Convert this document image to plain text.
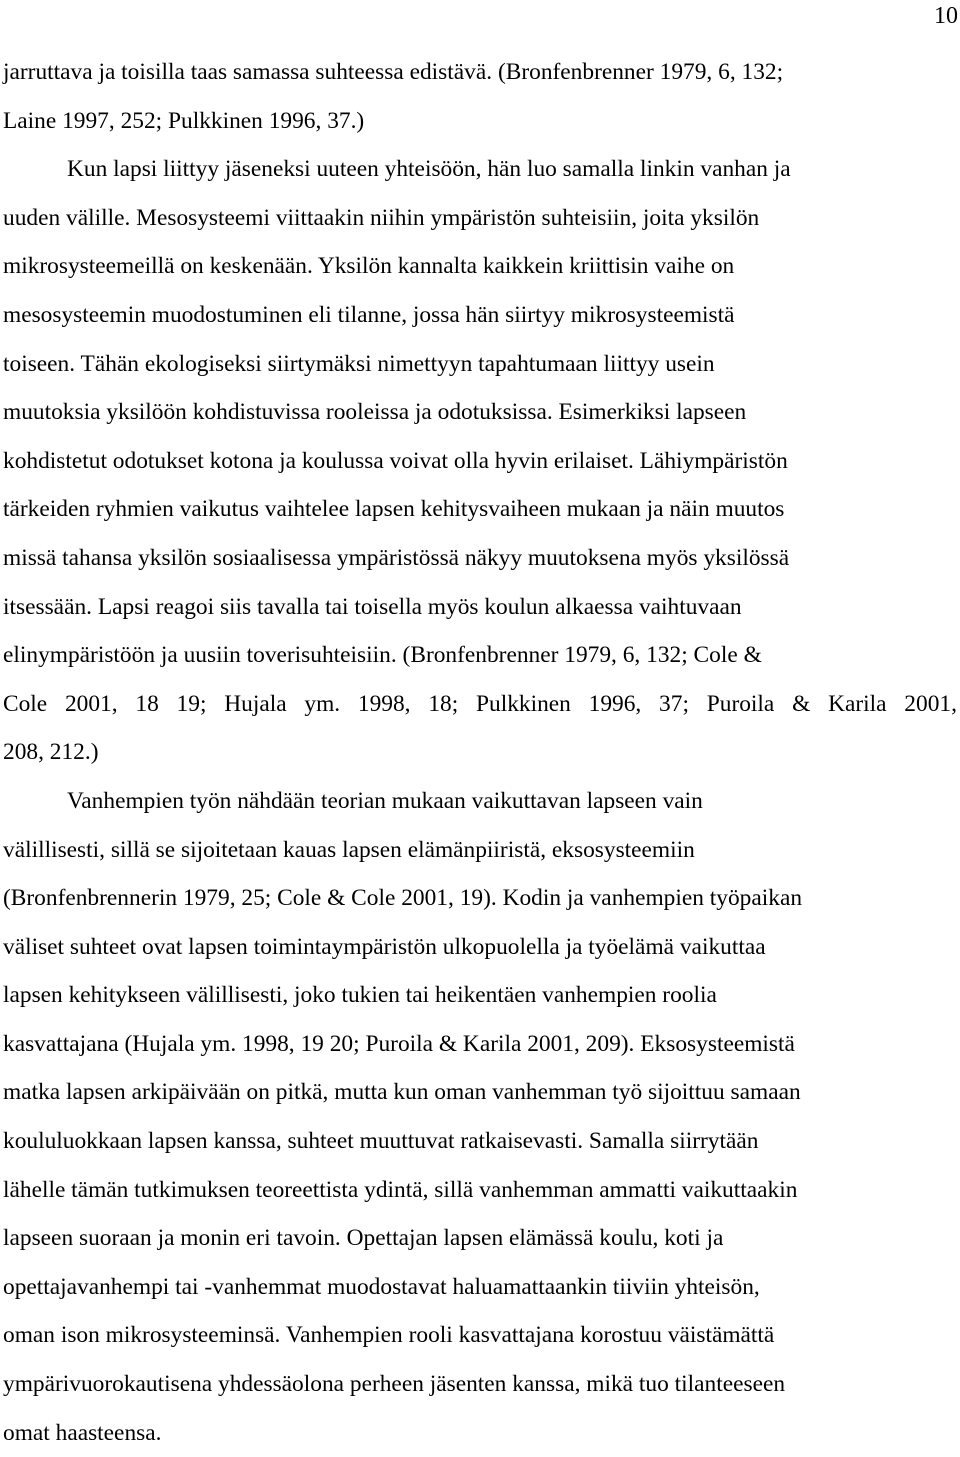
10
jarruttava ja toisilla taas samassa suhteessa edistävä. (Bronfenbrenner 1979, 6, 132;
Laine 1997, 252; Pulkkinen 1996, 37.)
Kun lapsi liittyy jäseneksi uuteen yhteisöön, hän luo samalla linkin vanhan ja
uuden välille. Mesosysteemi viittaakin niihin ympäristön suhteisiin, joita yksilön
mikrosysteemeillä on keskenään. Yksilön kannalta kaikkein kriittisin vaihe on
mesosysteemin muodostuminen eli tilanne, jossa hän siirtyy mikrosysteemistä
toiseen. Tähän ekologiseksi siirtymäksi nimettyyn tapahtumaan liittyy usein
muutoksia yksilöön kohdistuvissa rooleissa ja odotuksissa. Esimerkiksi lapseen
kohdistetut odotukset kotona ja koulussa voivat olla hyvin erilaiset. Lähiympäristön
tärkeiden ryhmien vaikutus vaihtelee lapsen kehitysvaiheen mukaan ja näin muutos
missä tahansa yksilön sosiaalisessa ympäristössä näkyy muutoksena myös yksilössä
itsessään. Lapsi reagoi siis tavalla tai toisella myös koulun alkaessa vaihtuvaan
elinympäristöön ja uusiin toverisuhteisiin. (Bronfenbrenner 1979, 6, 132; Cole &
Cole 2001, 18 19; Hujala ym. 1998, 18; Pulkkinen 1996, 37; Puroila & Karila 2001,
208, 212.)
Vanhempien työn nähdään teorian mukaan vaikuttavan lapseen vain
välillisesti, sillä se sijoitetaan kauas lapsen elämänpiiristä, eksosysteemiin
(Bronfenbrennerin 1979, 25; Cole & Cole 2001, 19). Kodin ja vanhempien työpaikan
väliset suhteet ovat lapsen toimintaympäristön ulkopuolella ja työelämä vaikuttaa
lapsen kehitykseen välillisesti, joko tukien tai heikentäen vanhempien roolia
kasvattajana (Hujala ym. 1998, 19 20; Puroila & Karila 2001, 209). Eksosysteemistä
matka lapsen arkipäivään on pitkä, mutta kun oman vanhemman työ sijoittuu samaan
koululuokkaan lapsen kanssa, suhteet muuttuvat ratkaisevasti. Samalla siirrytään
lähelle tämän tutkimuksen teoreettista ydintä, sillä vanhemman ammatti vaikuttaakin
lapseen suoraan ja monin eri tavoin. Opettajan lapsen elämässä koulu, koti ja
opettajavanhempi tai -vanhemmat muodostavat haluamattaankin tiiviin yhteisön,
oman ison mikrosysteeminsä. Vanhempien rooli kasvattajana korostuu väistämättä
ympärivuorokautisena yhdessäolona perheen jäsenten kanssa, mikä tuo tilanteeseen
omat haasteensa.
